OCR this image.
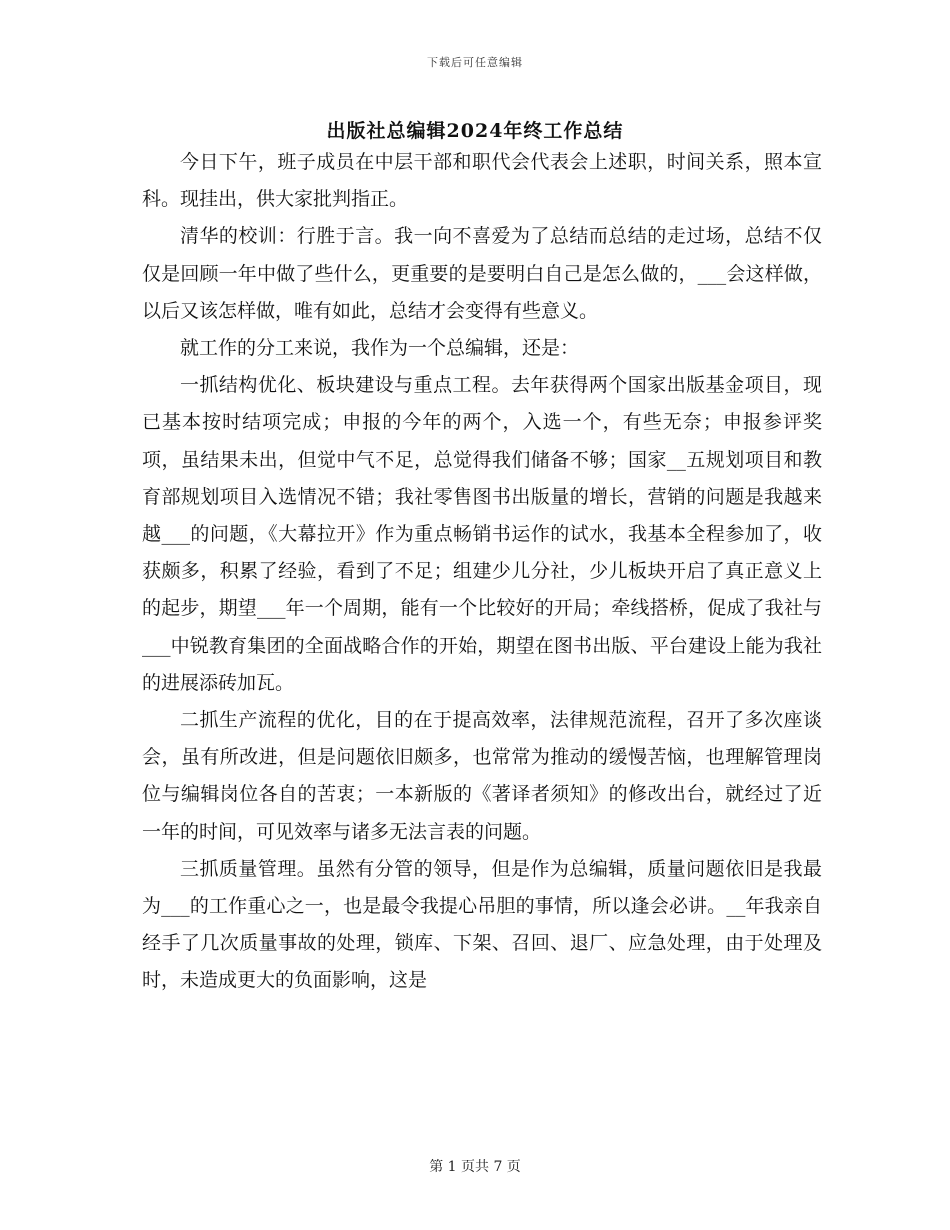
下载后可任意编辑
出版社总编辑2024年终工作总结

今日下午，班子成员在中层干部和职代会代表会上述职，时间关系，照本宣科。现挂出，供大家批判指正。

清华的校训：行胜于言。我一向不喜爱为了总结而总结的走过场，总结不仅仅是回顾一年中做了些什么，更重要的是要明白自己是怎么做的，___会这样做，以后又该怎样做，唯有如此，总结才会变得有些意义。

就工作的分工来说，我作为一个总编辑，还是：

一抓结构优化、板块建设与重点工程。去年获得两个国家出版基金项目，现已基本按时结项完成；申报的今年的两个，入选一个，有些无奈；申报参评奖项，虽结果未出，但觉中气不足，总觉得我们储备不够；国家__五规划项目和教育部规划项目入选情况不错；我社零售图书出版量的增长，营销的问题是我越来越___的问题，《大幕拉开》作为重点畅销书运作的试水，我基本全程参加了，收获颇多，积累了经验，看到了不足；组建少儿分社，少儿板块开启了真正意义上的起步，期望___年一个周期，能有一个比较好的开局；牵线搭桥，促成了我社与___中锐教育集团的全面战略合作的开始，期望在图书出版、平台建设上能为我社的进展添砖加瓦。

二抓生产流程的优化，目的在于提高效率，法律规范流程，召开了多次座谈会，虽有所改进，但是问题依旧颇多，也常常为推动的缓慢苦恼，也理解管理岗位与编辑岗位各自的苦衷；一本新版的《著译者须知》的修改出台，就经过了近一年的时间，可见效率与诸多无法言表的问题。

三抓质量管理。虽然有分管的领导，但是作为总编辑，质量问题依旧是我最为___的工作重心之一，也是最令我提心吊胆的事情，所以逢会必讲。__年我亲自经手了几次质量事故的处理，锁库、下架、召回、退厂、应急处理，由于处理及时，未造成更大的负面影响，这是

第 1 页共 7 页
